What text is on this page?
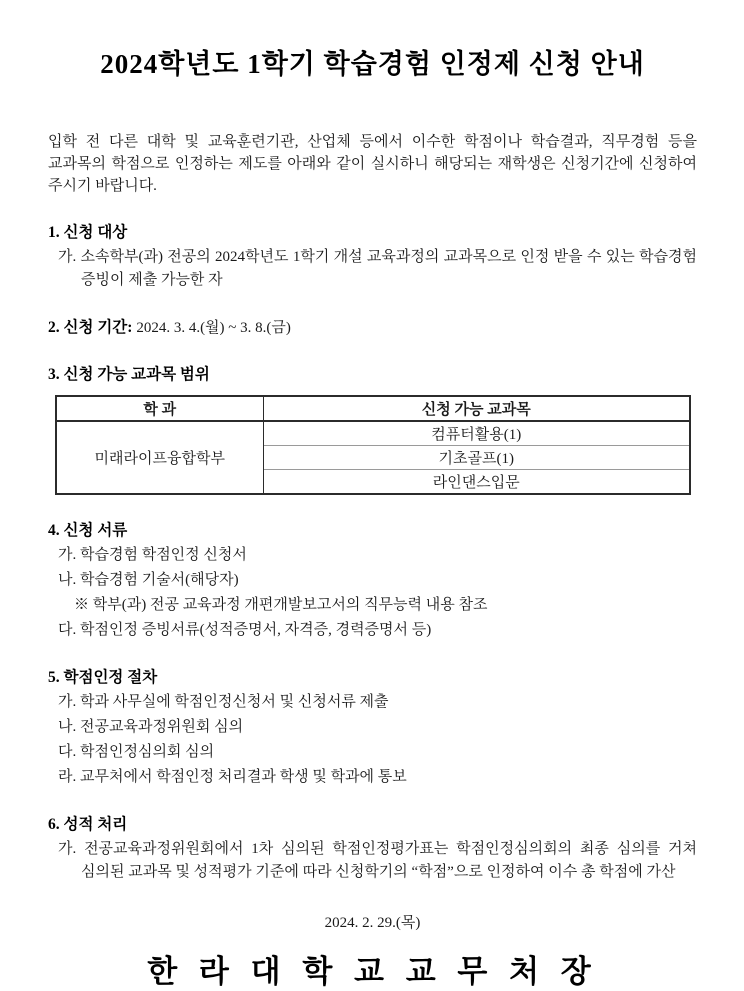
2024학년도 1학기 학습경험 인정제 신청 안내

입학 전 다른 대학 및 교육훈련기관, 산업체 등에서 이수한 학점이나 학습결과, 직무경험 등을 교과목의 학점으로 인정하는 제도를 아래와 같이 실시하니 해당되는 재학생은 신청기간에 신청하여 주시기 바랍니다.

1. 신청 대상
가. 소속학부(과) 전공의 2024학년도 1학기 개설 교육과정의 교과목으로 인정 받을 수 있는 학습경험 증빙이 제출 가능한 자
2. 신청 기간: 2024. 3. 4.(월) ~ 3. 8.(금)
3. 신청 가능 교과목 범위
학 과	신청 가능 교과목
미래라이프융합학부	컴퓨터활용(1)
	기초골프(1)
	라인댄스입문
4. 신청 서류
가. 학습경험 학점인정 신청서
나. 학습경험 기술서(해당자)
※ 학부(과) 전공 교육과정 개편개발보고서의 직무능력 내용 참조
다. 학점인정 증빙서류(성적증명서, 자격증, 경력증명서 등)
5. 학점인정 절차
가. 학과 사무실에 학점인정신청서 및 신청서류 제출
나. 전공교육과정위원회 심의
다. 학점인정심의회 심의
라. 교무처에서 학점인정 처리결과 학생 및 학과에 통보
6. 성적 처리
가. 전공교육과정위원회에서 1차 심의된 학점인정평가표는 학점인정심의회의 최종 심의를 거쳐 심의된 교과목 및 성적평가 기준에 따라 신청학기의 “학점”으로 인정하여 이수 총 학점에 가산
2024. 2. 29.(목)
한 라 대 학 교 교 무 처 장
